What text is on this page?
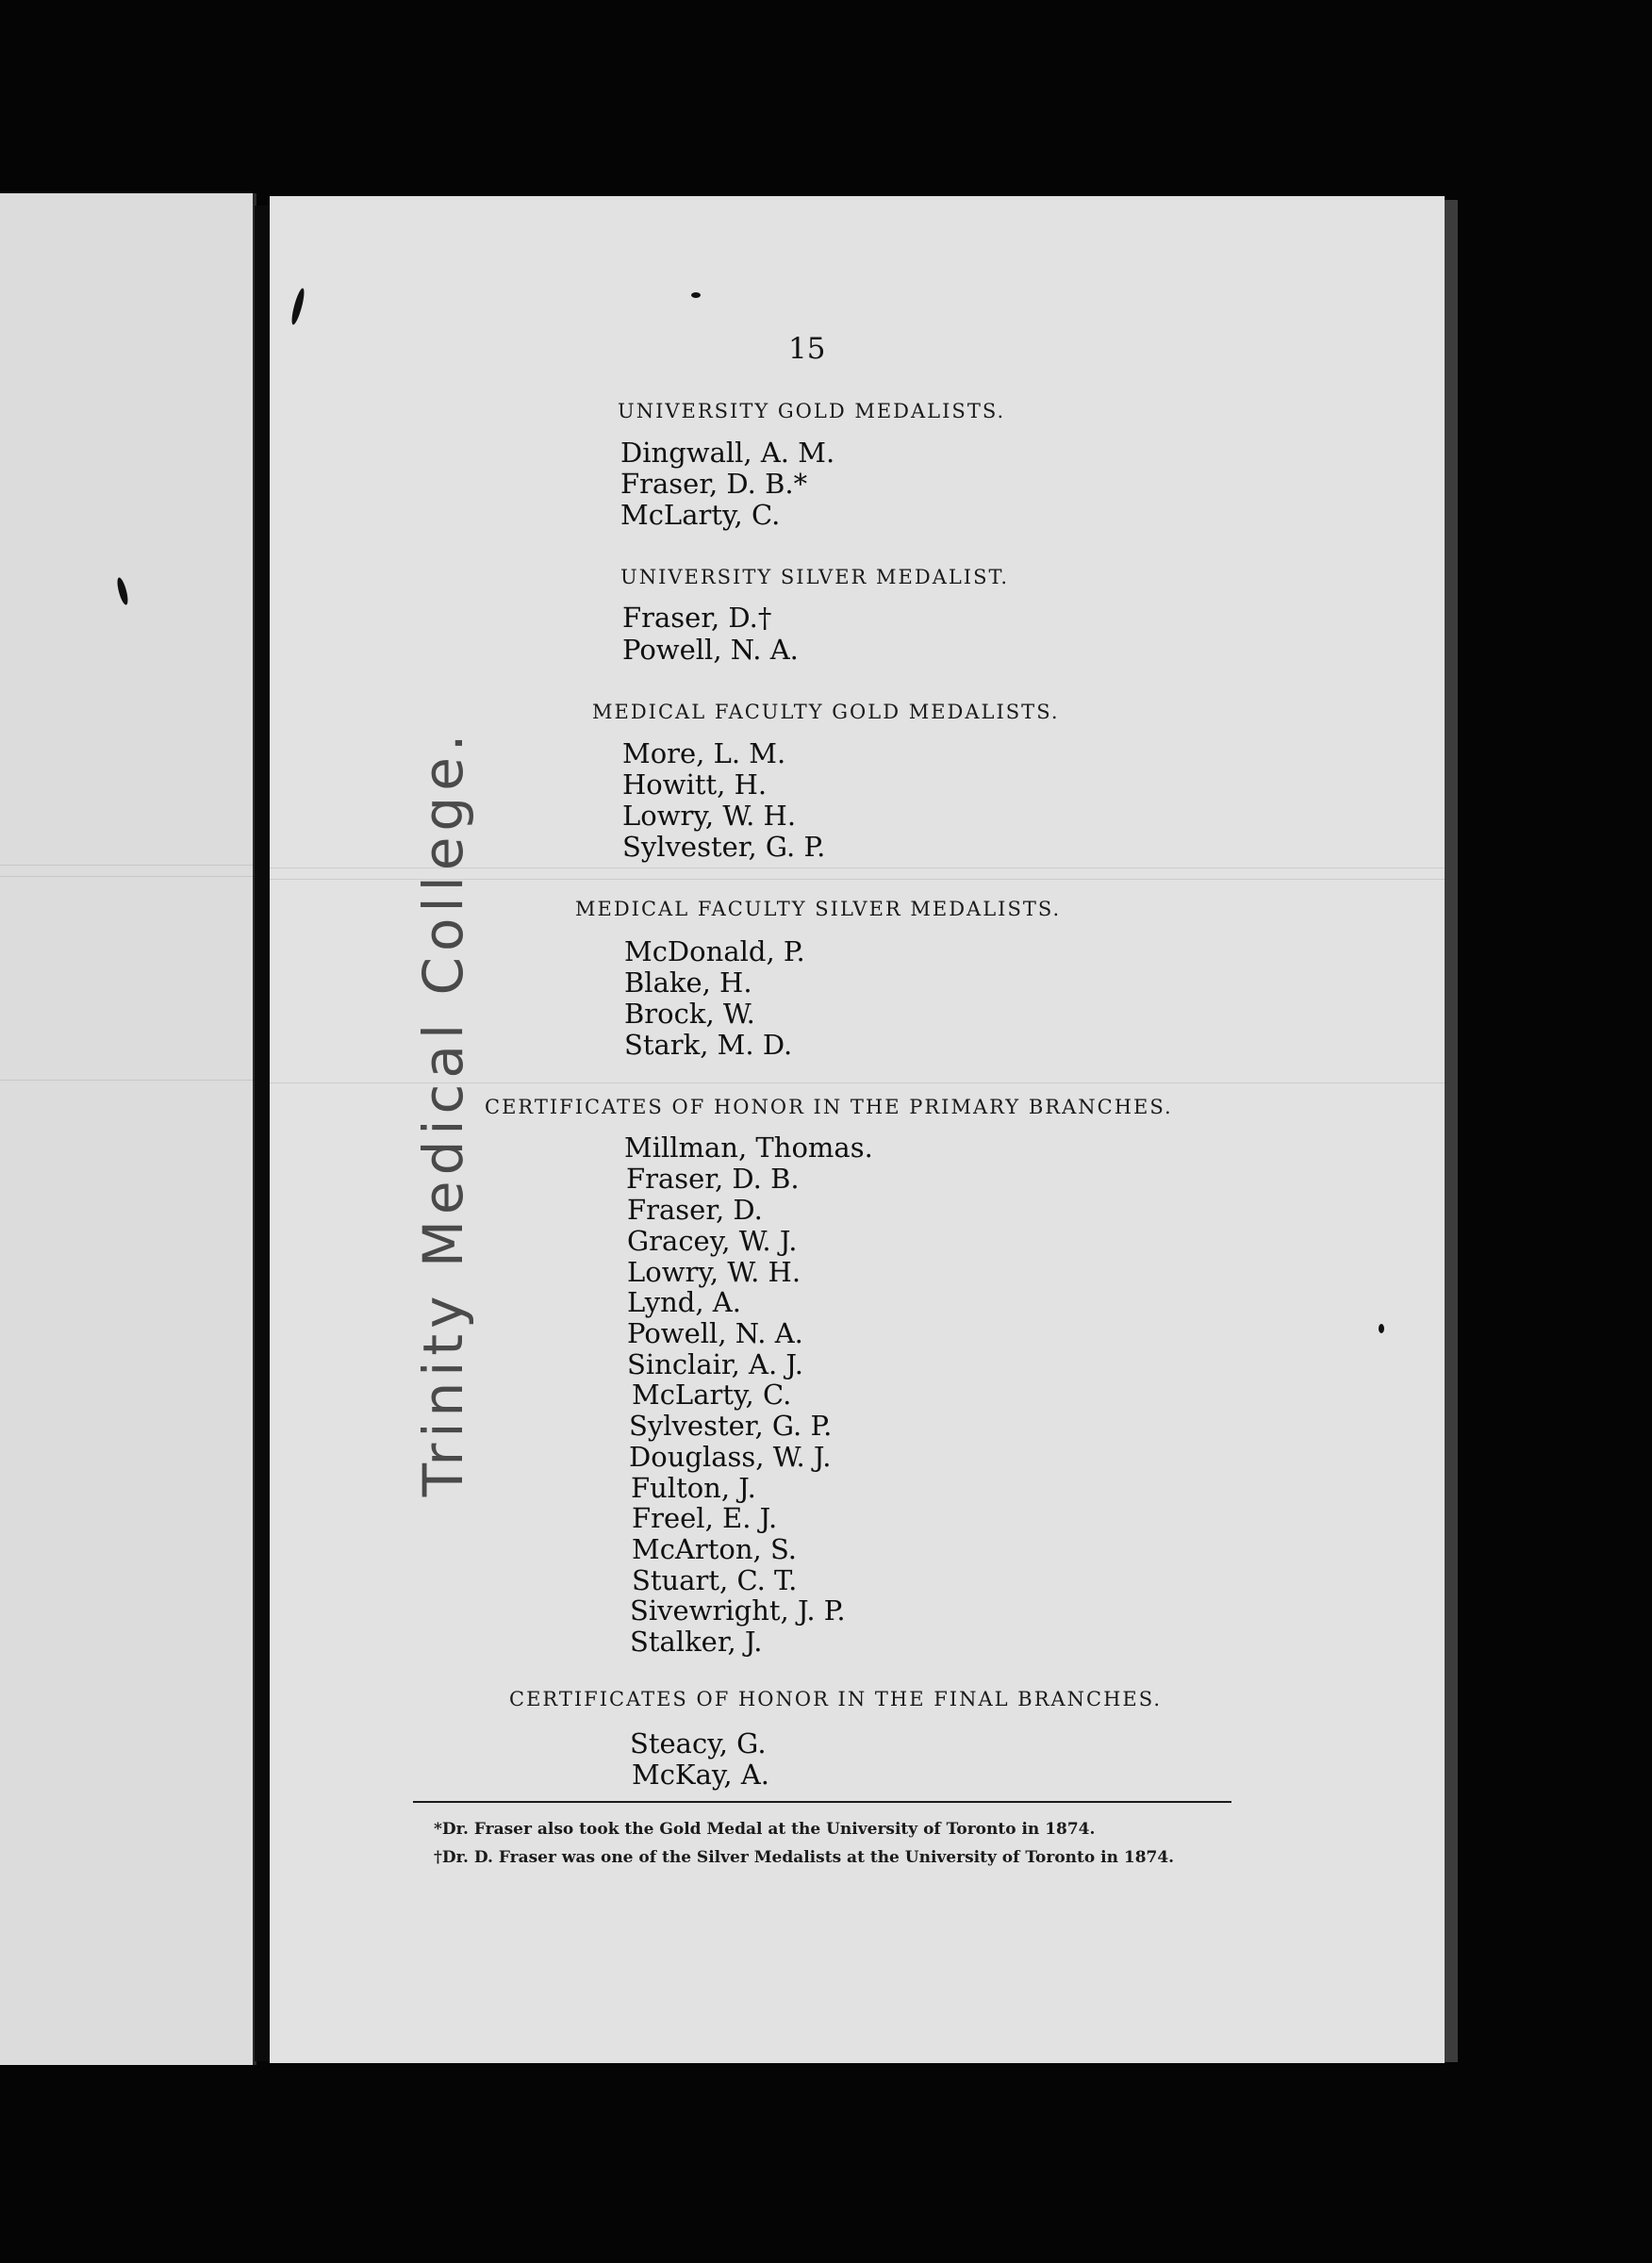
Trinity Medical College.
15
UNIVERSITY GOLD MEDALISTS.
Dingwall, A. M.
Fraser, D. B.*
McLarty, C.
UNIVERSITY SILVER MEDALIST.
Fraser, D.†
Powell, N. A.
MEDICAL FACULTY GOLD MEDALISTS.
More, L. M.
Howitt, H.
Lowry, W. H.
Sylvester, G. P.
MEDICAL FACULTY SILVER MEDALISTS.
McDonald, P.
Blake, H.
Brock, W.
Stark, M. D.
CERTIFICATES OF HONOR IN THE PRIMARY BRANCHES.
Millman, Thomas.
Fraser, D. B.
Fraser, D.
Gracey, W. J.
Lowry, W. H.
Lynd, A.
Powell, N. A.
Sinclair, A. J.
McLarty, C.
Sylvester, G. P.
Douglass, W. J.
Fulton, J.
Freel, E. J.
McArton, S.
Stuart, C. T.
Sivewright, J. P.
Stalker, J.
CERTIFICATES OF HONOR IN THE FINAL BRANCHES.
Steacy, G.
McKay, A.
*Dr. Fraser also took the Gold Medal at the University of Toronto in 1874.
†Dr. D. Fraser was one of the Silver Medalists at the University of Toronto in 1874.
